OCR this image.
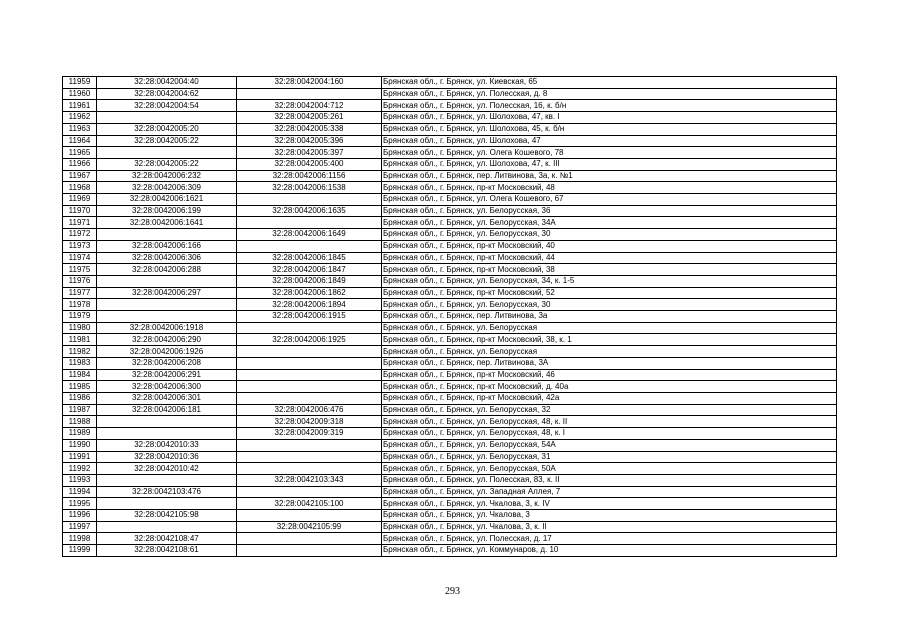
11959	32:28:0042004:40	32:28:0042004:160	Брянская обл., г. Брянск, ул. Киевская, 65
11960	32:28:0042004:62		Брянская обл., г. Брянск, ул. Полесская, д. 8
11961	32:28:0042004:54	32:28:0042004:712	Брянская обл., г. Брянск, ул. Полесская, 16, к. б/н
11962		32:28:0042005:261	Брянская обл., г. Брянск, ул. Шолохова, 47, кв. I
11963	32:28:0042005:20	32:28:0042005:338	Брянская обл., г. Брянск, ул. Шолохова, 45, к. б/н
11964	32:28:0042005:22	32:28:0042005:396	Брянская обл., г. Брянск, ул. Шолохова, 47
11965		32:28:0042005:397	Брянская обл., г. Брянск, ул. Олега Кошевого, 78
11966	32:28:0042005:22	32:28:0042005:400	Брянская обл., г. Брянск, ул. Шолохова, 47, к. III
11967	32:28:0042006:232	32:28:0042006:1156	Брянская обл., г. Брянск, пер. Литвинова, 3а, к. №1
11968	32:28:0042006:309	32:28:0042006:1538	Брянская обл., г. Брянск, пр-кт Московский, 48
11969	32:28:0042006:1621		Брянская обл., г. Брянск, ул. Олега Кошевого, 67
11970	32:28:0042006:199	32:28:0042006:1635	Брянская обл., г. Брянск, ул. Белорусская, 36
11971	32:28:0042006:1641		Брянская обл., г. Брянск, ул. Белорусская, 34А
11972		32:28:0042006:1649	Брянская обл., г. Брянск, ул. Белорусская, 30
11973	32:28:0042006:166		Брянская обл., г. Брянск, пр-кт Московский, 40
11974	32:28:0042006:306	32:28:0042006:1845	Брянская обл., г. Брянск, пр-кт Московский, 44
11975	32:28:0042006:288	32:28:0042006:1847	Брянская обл., г. Брянск, пр-кт Московский, 38
11976		32:28:0042006:1849	Брянская обл., г. Брянск, ул. Белорусская, 34, к. 1-5
11977	32:28:0042006:297	32:28:0042006:1862	Брянская обл., г. Брянск, пр-кт Московский, 52
11978		32:28:0042006:1894	Брянская обл., г. Брянск, ул. Белорусская, 30
11979		32:28:0042006:1915	Брянская обл., г. Брянск, пер. Литвинова, 3а
11980	32:28:0042006:1918		Брянская обл., г. Брянск, ул. Белорусская
11981	32:28:0042006:290	32:28:0042006:1925	Брянская обл., г. Брянск, пр-кт Московский, 38, к. 1
11982	32:28:0042006:1926		Брянская обл., г. Брянск, ул. Белорусская
11983	32:28:0042006:208		Брянская обл., г. Брянск, пер. Литвинова, 3А
11984	32:28:0042006:291		Брянская обл., г. Брянск, пр-кт Московский, 46
11985	32:28:0042006:300		Брянская обл., г. Брянск, пр-кт Московский, д. 40а
11986	32:28:0042006:301		Брянская обл., г. Брянск, пр-кт Московский, 42а
11987	32:28:0042006:181	32:28:0042006:476	Брянская обл., г. Брянск, ул. Белорусская, 32
11988		32:28:0042009:318	Брянская обл., г. Брянск, ул. Белорусская, 48, к. II
11989		32:28:0042009:319	Брянская обл., г. Брянск, ул. Белорусская, 48, к. I
11990	32:28:0042010:33		Брянская обл., г. Брянск, ул. Белорусская, 54А
11991	32:28:0042010:36		Брянская обл., г. Брянск, ул. Белорусская, 31
11992	32:28:0042010:42		Брянская обл., г. Брянск, ул. Белорусская, 50А
11993		32:28:0042103:343	Брянская обл., г. Брянск, ул. Полесская, 83, к. II
11994	32:28:0042103:476		Брянская обл., г. Брянск, ул. Западная Аллея, 7
11995		32:28:0042105:100	Брянская обл., г. Брянск, ул. Чкалова, 3, к. IV
11996	32:28:0042105:98		Брянская обл., г. Брянск, ул. Чкалова, 3
11997		32:28:0042105:99	Брянская обл., г. Брянск, ул. Чкалова, 3, к. II
11998	32:28:0042108:47		Брянская обл., г. Брянск, ул. Полесская, д. 17
11999	32:28:0042108:61		Брянская обл., г. Брянск, ул. Коммунаров, д. 10
293
